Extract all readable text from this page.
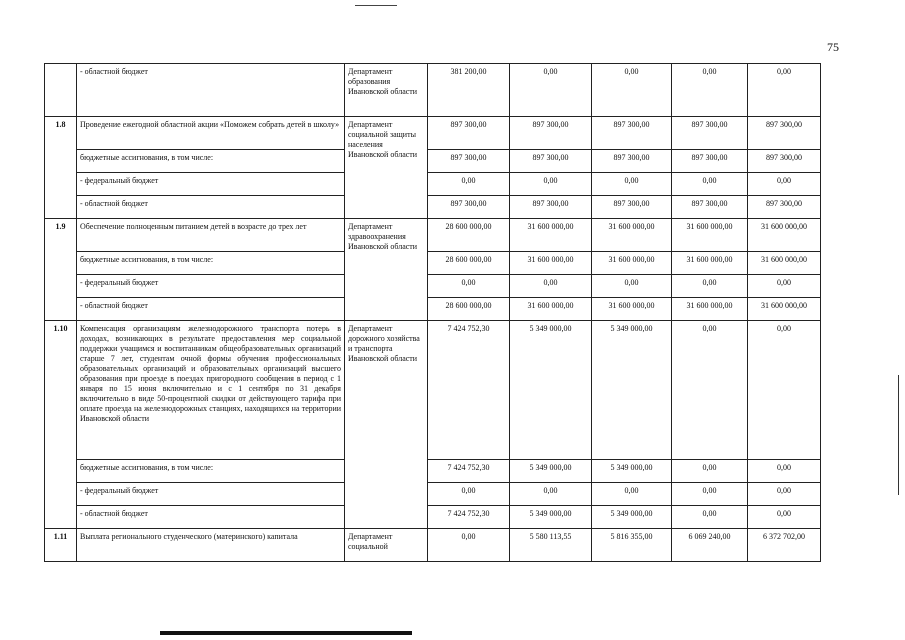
75
	- областной бюджет	Департамент образования Ивановской области	381 200,00	0,00	0,00	0,00	0,00
1.8	Проведение ежегодной областной акции «Поможем собрать детей в школу»	Департамент социальной защиты населения Ивановской области	897 300,00	897 300,00	897 300,00	897 300,00	897 300,00
	бюджетные ассигнования, в том числе:		897 300,00	897 300,00	897 300,00	897 300,00	897 300,00
	- федеральный бюджет		0,00	0,00	0,00	0,00	0,00
	- областной бюджет		897 300,00	897 300,00	897 300,00	897 300,00	897 300,00
1.9	Обеспечение полноценным питанием детей в возрасте до трех лет	Департамент здравоохранения Ивановской области	28 600 000,00	31 600 000,00	31 600 000,00	31 600 000,00	31 600 000,00
	бюджетные ассигнования, в том числе:		28 600 000,00	31 600 000,00	31 600 000,00	31 600 000,00	31 600 000,00
	- федеральный бюджет		0,00	0,00	0,00	0,00	0,00
	- областной бюджет		28 600 000,00	31 600 000,00	31 600 000,00	31 600 000,00	31 600 000,00
1.10	Компенсация организациям железнодорожного транспорта потерь в доходах, возникающих в результате предоставления мер социальной поддержки учащимся и воспитанникам общеобразовательных организаций старше 7 лет, студентам очной формы обучения профессиональных образовательных организаций и образовательных организаций высшего образования при проезде в поездах пригородного сообщения в период с 1 января по 15 июня включительно и с 1 сентября по 31 декабря включительно в виде 50-процентной скидки от действующего тарифа при оплате проезда на железнодорожных станциях, находящихся на территории Ивановской области	Департамент дорожного хозяйства и транспорта Ивановской области	7 424 752,30	5 349 000,00	5 349 000,00	0,00	0,00
	бюджетные ассигнования, в том числе:		7 424 752,30	5 349 000,00	5 349 000,00	0,00	0,00
	- федеральный бюджет		0,00	0,00	0,00	0,00	0,00
	- областной бюджет		7 424 752,30	5 349 000,00	5 349 000,00	0,00	0,00
1.11	Выплата регионального студенческого (материнского) капитала	Департамент социальной	0,00	5 580 113,55	5 816 355,00	6 069 240,00	6 372 702,00
